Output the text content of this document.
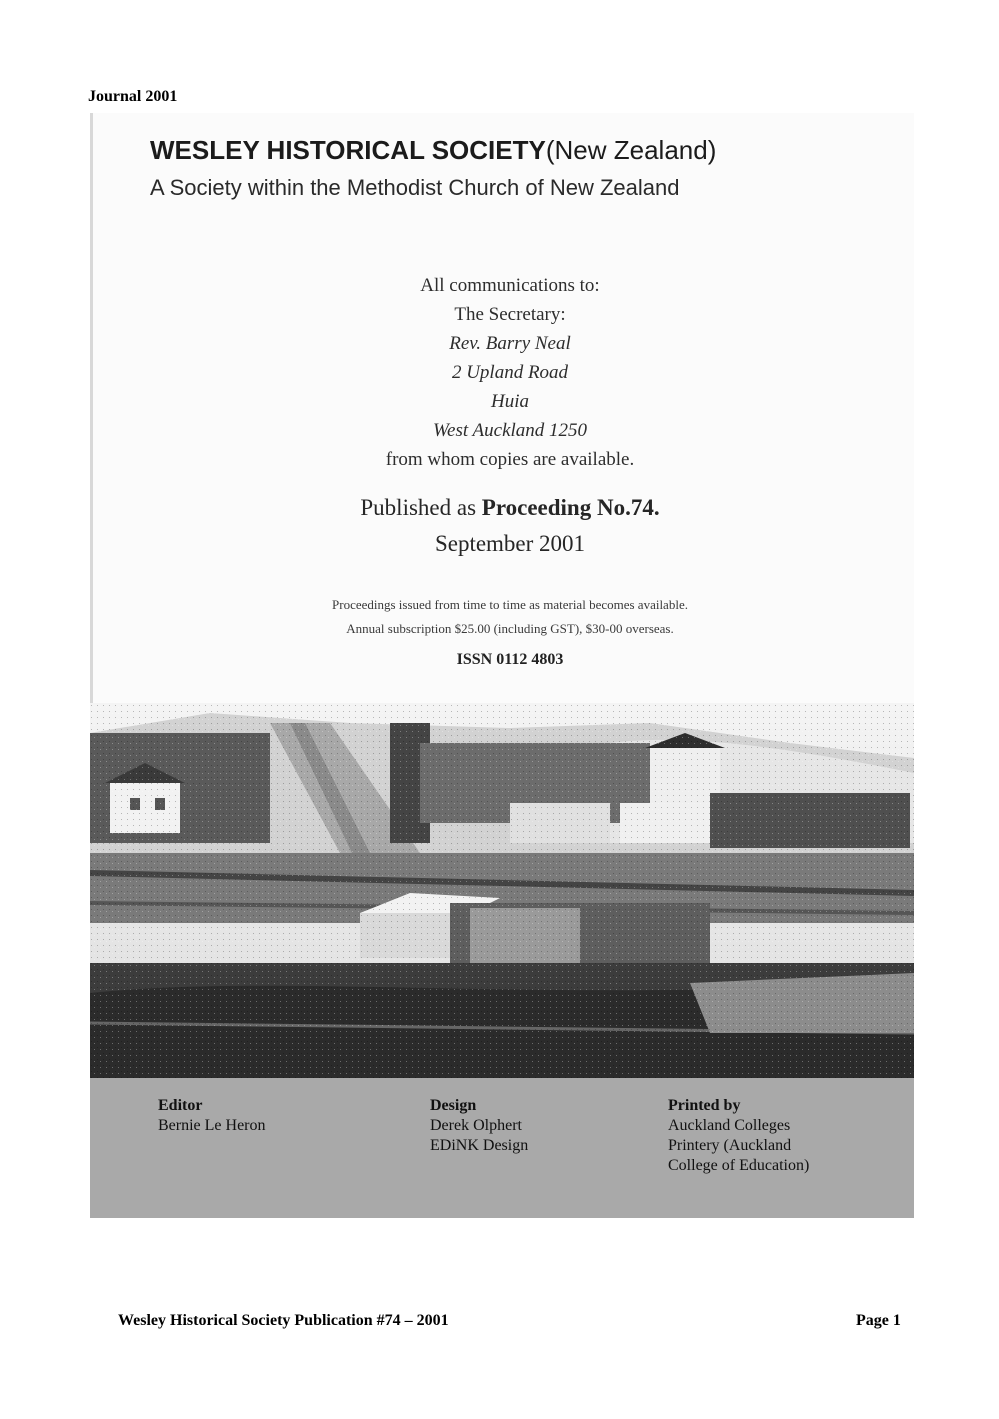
Journal 2001
WESLEY HISTORICAL SOCIETY(New Zealand)
A Society within the Methodist Church of New Zealand
All communications to:
The Secretary:
Rev. Barry Neal
2 Upland Road
Huia
West Auckland 1250
from whom copies are available.
Published as Proceeding No.74.
September 2001
Proceedings issued from time to time as material becomes available.
Annual subscription $25.00 (including GST), $30-00 overseas.
ISSN 0112 4803
Editor
Bernie Le Heron
Design
Derek Olphert
EDiNK Design
Printed by
Auckland Colleges
Printery (Auckland
College of Education)
Wesley Historical Society Publication #74 – 2001	Page 1
